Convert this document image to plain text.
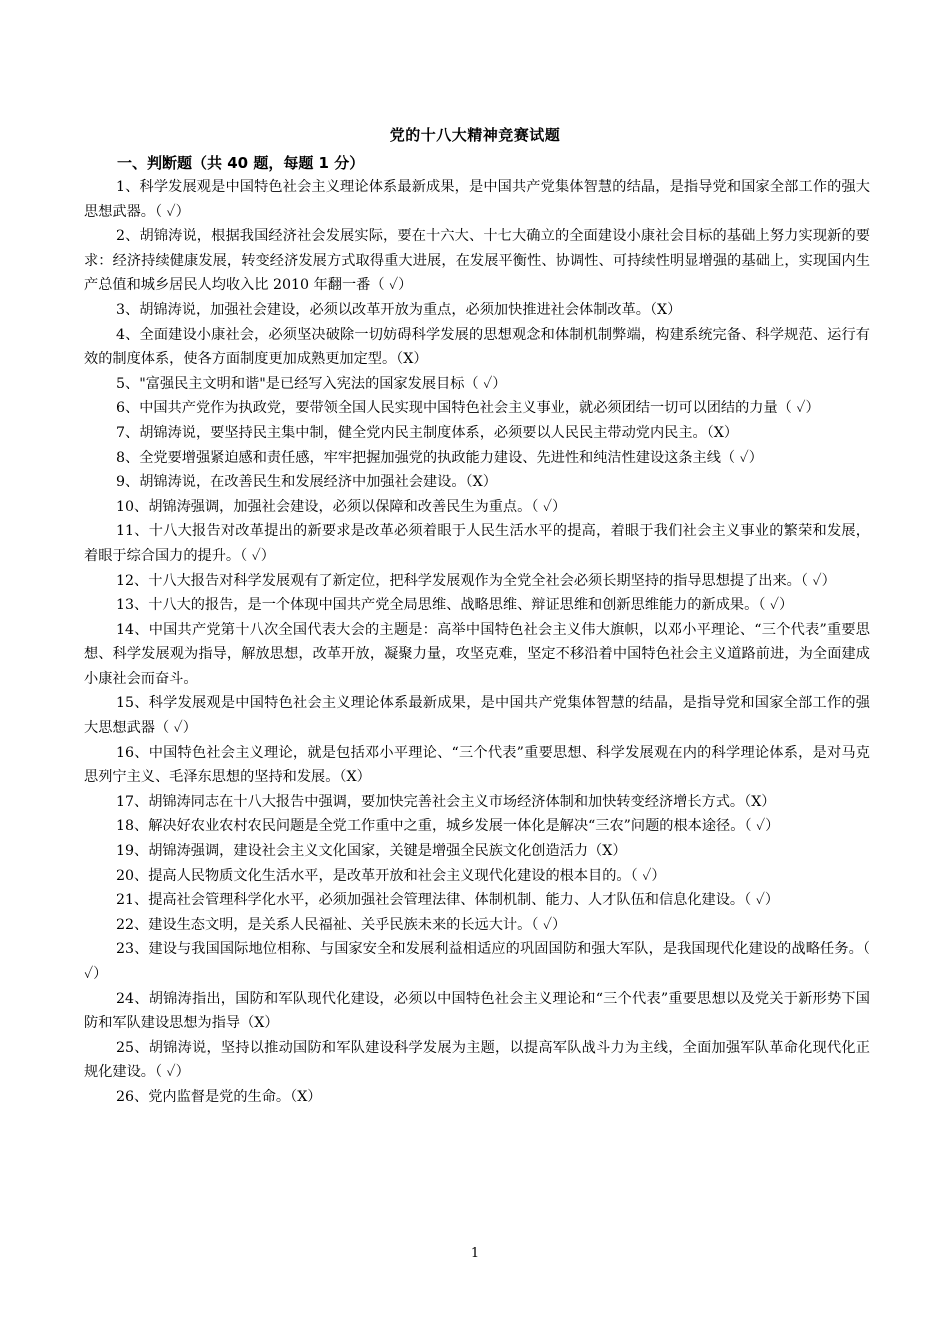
党的十八大精神竞赛试题
一、判断题（共 40 题，每题 1 分）

1、科学发展观是中国特色社会主义理论体系最新成果，是中国共产党集体智慧的结晶，是指导党和国家全部工作的强大思想武器。（ ✓）

2、胡锦涛说，根据我国经济社会发展实际，要在十六大、十七大确立的全面建设小康社会目标的基础上努力实现新的要求：经济持续健康发展，转变经济发展方式取得重大进展，在发展平衡性、协调性、可持续性明显增强的基础上，实现国内生产总值和城乡居民人均收入比 2010 年翻一番（ ✓）

3、胡锦涛说，加强社会建设，必须以改革开放为重点，必须加快推进社会体制改革。（X）

4、全面建设小康社会，必须坚决破除一切妨碍科学发展的思想观念和体制机制弊端，构建系统完备、科学规范、运行有效的制度体系，使各方面制度更加成熟更加定型。（X）

5、"富强民主文明和谐"是已经写入宪法的国家发展目标（ ✓）

6、中国共产党作为执政党，要带领全国人民实现中国特色社会主义事业，就必须团结一切可以团结的力量（ ✓）

7、胡锦涛说，要坚持民主集中制，健全党内民主制度体系，必须要以人民民主带动党内民主。（X）

8、全党要增强紧迫感和责任感，牢牢把握加强党的执政能力建设、先进性和纯洁性建设这条主线（ ✓）

9、胡锦涛说，在改善民生和发展经济中加强社会建设。（X）

10、胡锦涛强调，加强社会建设，必须以保障和改善民生为重点。（ ✓）

11、十八大报告对改革提出的新要求是改革必须着眼于人民生活水平的提高，着眼于我们社会主义事业的繁荣和发展，着眼于综合国力的提升。（ ✓）

12、十八大报告对科学发展观有了新定位，把科学发展观作为全党全社会必须长期坚持的指导思想提了出来。（ ✓）

13、十八大的报告，是一个体现中国共产党全局思维、战略思维、辩证思维和创新思维能力的新成果。（ ✓）

14、中国共产党第十八次全国代表大会的主题是：高举中国特色社会主义伟大旗帜，以邓小平理论、“三个代表”重要思想、科学发展观为指导，解放思想，改革开放，凝聚力量，攻坚克难，坚定不移沿着中国特色社会主义道路前进，为全面建成小康社会而奋斗。

15、科学发展观是中国特色社会主义理论体系最新成果，是中国共产党集体智慧的结晶，是指导党和国家全部工作的强大思想武器（ ✓）

16、中国特色社会主义理论，就是包括邓小平理论、“三个代表”重要思想、科学发展观在内的科学理论体系，是对马克思列宁主义、毛泽东思想的坚持和发展。（X）

17、胡锦涛同志在十八大报告中强调，要加快完善社会主义市场经济体制和加快转变经济增长方式。（X）

18、解决好农业农村农民问题是全党工作重中之重，城乡发展一体化是解决“三农”问题的根本途径。（ ✓）

19、胡锦涛强调，建设社会主义文化国家，关键是增强全民族文化创造活力（X）

20、提高人民物质文化生活水平，是改革开放和社会主义现代化建设的根本目的。（ ✓）

21、提高社会管理科学化水平，必须加强社会管理法律、体制机制、能力、人才队伍和信息化建设。（ ✓）

22、建设生态文明，是关系人民福祉、关乎民族未来的长远大计。（ ✓）

23、建设与我国国际地位相称、与国家安全和发展利益相适应的巩固国防和强大军队，是我国现代化建设的战略任务。（ ✓）

24、胡锦涛指出，国防和军队现代化建设，必须以中国特色社会主义理论和“三个代表”重要思想以及党关于新形势下国防和军队建设思想为指导（X）

25、胡锦涛说，坚持以推动国防和军队建设科学发展为主题，以提高军队战斗力为主线，全面加强军队革命化现代化正规化建设。（ ✓）

26、党内监督是党的生命。（X）

1
